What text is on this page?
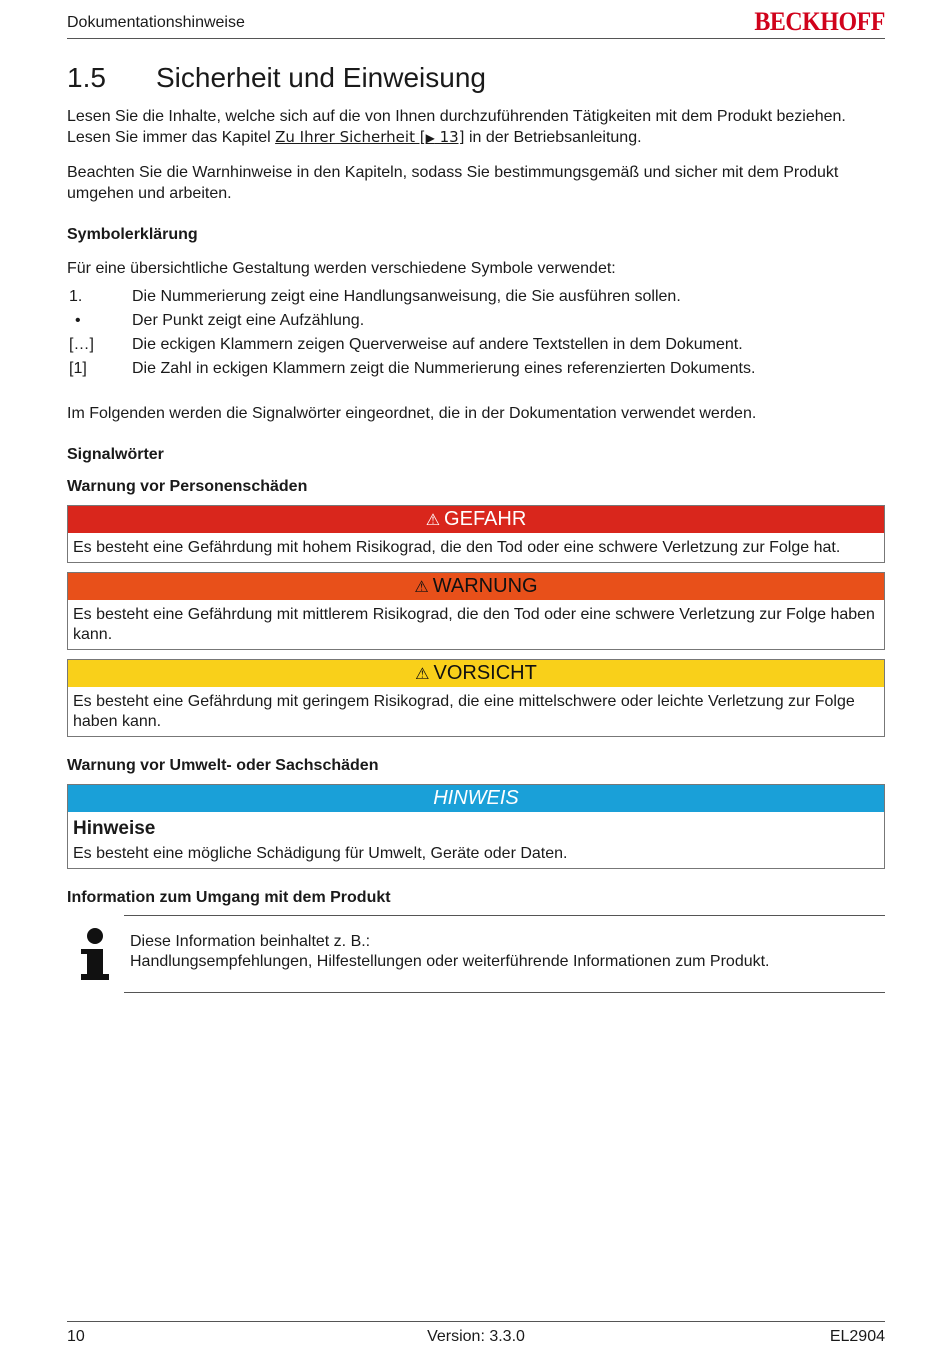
Dokumentationshinweise	BECKHOFF
1.5	Sicherheit und Einweisung

Lesen Sie die Inhalte, welche sich auf die von Ihnen durchzuführenden Tätigkeiten mit dem Produkt beziehen. Lesen Sie immer das Kapitel Zu Ihrer Sicherheit [▶ 13] in der Betriebsanleitung.

Beachten Sie die Warnhinweise in den Kapiteln, sodass Sie bestimmungsgemäß und sicher mit dem Produkt umgehen und arbeiten.

Symbolerklärung

Für eine übersichtliche Gestaltung werden verschiedene Symbole verwendet:

1.	Die Nummerierung zeigt eine Handlungsanweisung, die Sie ausführen sollen.
•	Der Punkt zeigt eine Aufzählung.
[…]	Die eckigen Klammern zeigen Querverweise auf andere Textstellen in dem Dokument.
[1]	Die Zahl in eckigen Klammern zeigt die Nummerierung eines referenzierten Dokuments.

Im Folgenden werden die Signalwörter eingeordnet, die in der Dokumentation verwendet werden.

Signalwörter
Warnung vor Personenschäden
⚠ GEFAHR
Es besteht eine Gefährdung mit hohem Risikograd, die den Tod oder eine schwere Verletzung zur Folge hat.
⚠ WARNUNG
Es besteht eine Gefährdung mit mittlerem Risikograd, die den Tod oder eine schwere Verletzung zur Folge haben kann.
⚠ VORSICHT
Es besteht eine Gefährdung mit geringem Risikograd, die eine mittelschwere oder leichte Verletzung zur Folge haben kann.
Warnung vor Umwelt- oder Sachschäden
HINWEIS
Hinweise
Es besteht eine mögliche Schädigung für Umwelt, Geräte oder Daten.
Information zum Umgang mit dem Produkt
Diese Information beinhaltet z. B.:
Handlungsempfehlungen, Hilfestellungen oder weiterführende Informationen zum Produkt.
10	Version: 3.3.0	EL2904
